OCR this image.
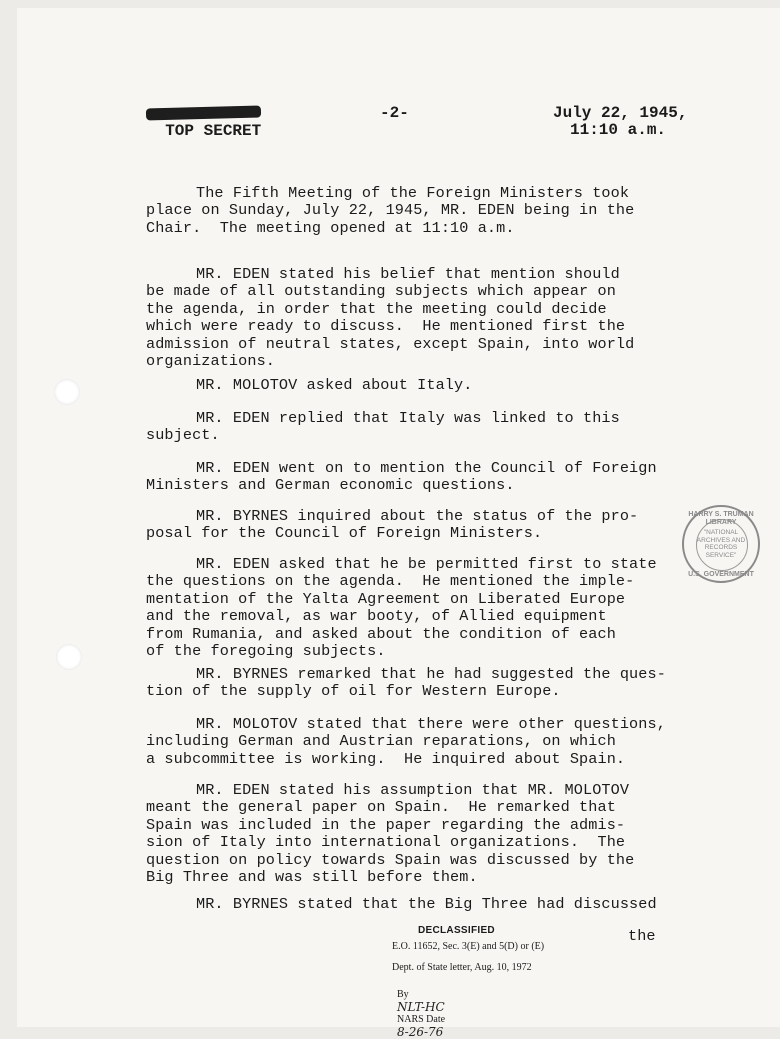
TOP SECRET

-2-	July 22, 1945,
11:10 a.m.
The Fifth Meeting of the Foreign Ministers took
place on Sunday, July 22, 1945, MR. EDEN being in the
Chair.  The meeting opened at 11:10 a.m.
MR. EDEN stated his belief that mention should
be made of all outstanding subjects which appear on
the agenda, in order that the meeting could decide
which were ready to discuss.  He mentioned first the
admission of neutral states, except Spain, into world
organizations.
MR. MOLOTOV asked about Italy.
MR. EDEN replied that Italy was linked to this
subject.
MR. EDEN went on to mention the Council of Foreign
Ministers and German economic questions.
MR. BYRNES inquired about the status of the pro-
posal for the Council of Foreign Ministers.
MR. EDEN asked that he be permitted first to state
the questions on the agenda.  He mentioned the imple-
mentation of the Yalta Agreement on Liberated Europe
and the removal, as war booty, of Allied equipment
from Rumania, and asked about the condition of each
of the foregoing subjects.
MR. BYRNES remarked that he had suggested the ques-
tion of the supply of oil for Western Europe.
MR. MOLOTOV stated that there were other questions,
including German and Austrian reparations, on which
a subcommittee is working.  He inquired about Spain.
MR. EDEN stated his assumption that MR. MOLOTOV
meant the general paper on Spain.  He remarked that
Spain was included in the paper regarding the admis-
sion of Italy into international organizations.  The
question on policy towards Spain was discussed by the
Big Three and was still before them.
MR. BYRNES stated that the Big Three had discussed
the
HARRY S. TRUMAN LIBRARY
"NATIONAL
ARCHIVES AND
RECORDS
SERVICE"
U.S. GOVERNMENT
DECLASSIFIED
E.O. 11652, Sec. 3(E) and 5(D) or (E)
Dept. of State letter, Aug. 10, 1972

By
NLT-HC
NARS Date
8-26-76
